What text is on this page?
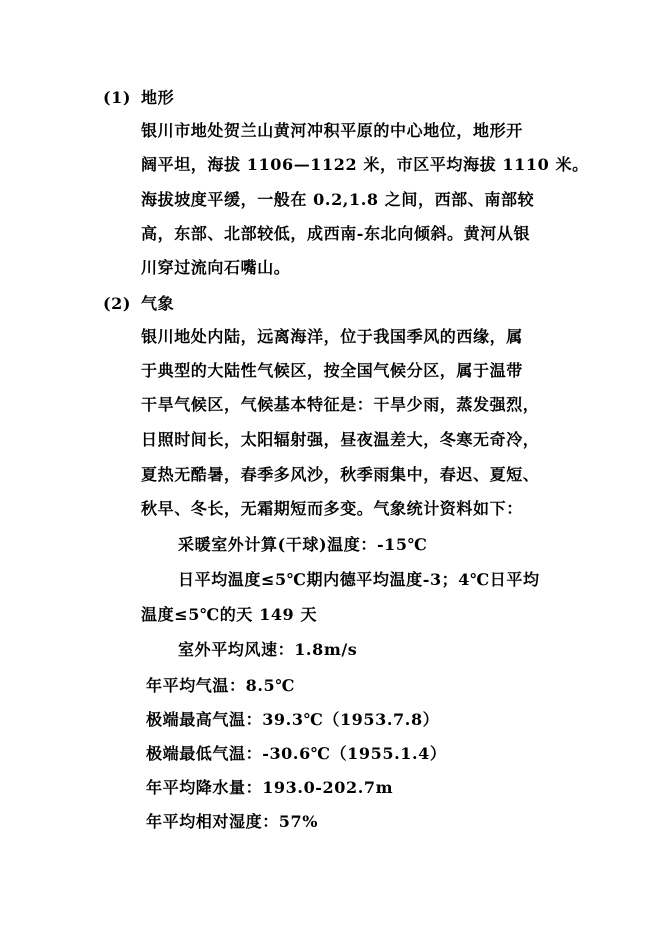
(1) 地形
银川市地处贺兰山黄河冲积平原的中心地位，地形开
阔平坦，海拔 1106—1122 米，市区平均海拔 1110 米。
海拔坡度平缓，一般在 0.2,1.8 之间，西部、南部较
高，东部、北部较低，成西南-东北向倾斜。黄河从银
川穿过流向石嘴山。
(2) 气象
银川地处内陆，远离海洋，位于我国季风的西缘，属
于典型的大陆性气候区，按全国气候分区，属于温带
干旱气候区，气候基本特征是：干旱少雨，蒸发强烈，
日照时间长，太阳辐射强，昼夜温差大，冬寒无奇冷，
夏热无酷暑，春季多风沙，秋季雨集中，春迟、夏短、
秋早、冬长，无霜期短而多变。气象统计资料如下：
采暖室外计算(干球)温度：-15℃
日平均温度≤5℃期内德平均温度-3；4℃日平均
温度≤5℃的天 149 天
室外平均风速：1.8m/s
年平均气温：8.5℃
极端最高气温：39.3℃（1953.7.8）
极端最低气温：-30.6℃（1955.1.4）
年平均降水量：193.0-202.7m
年平均相对湿度：57%
